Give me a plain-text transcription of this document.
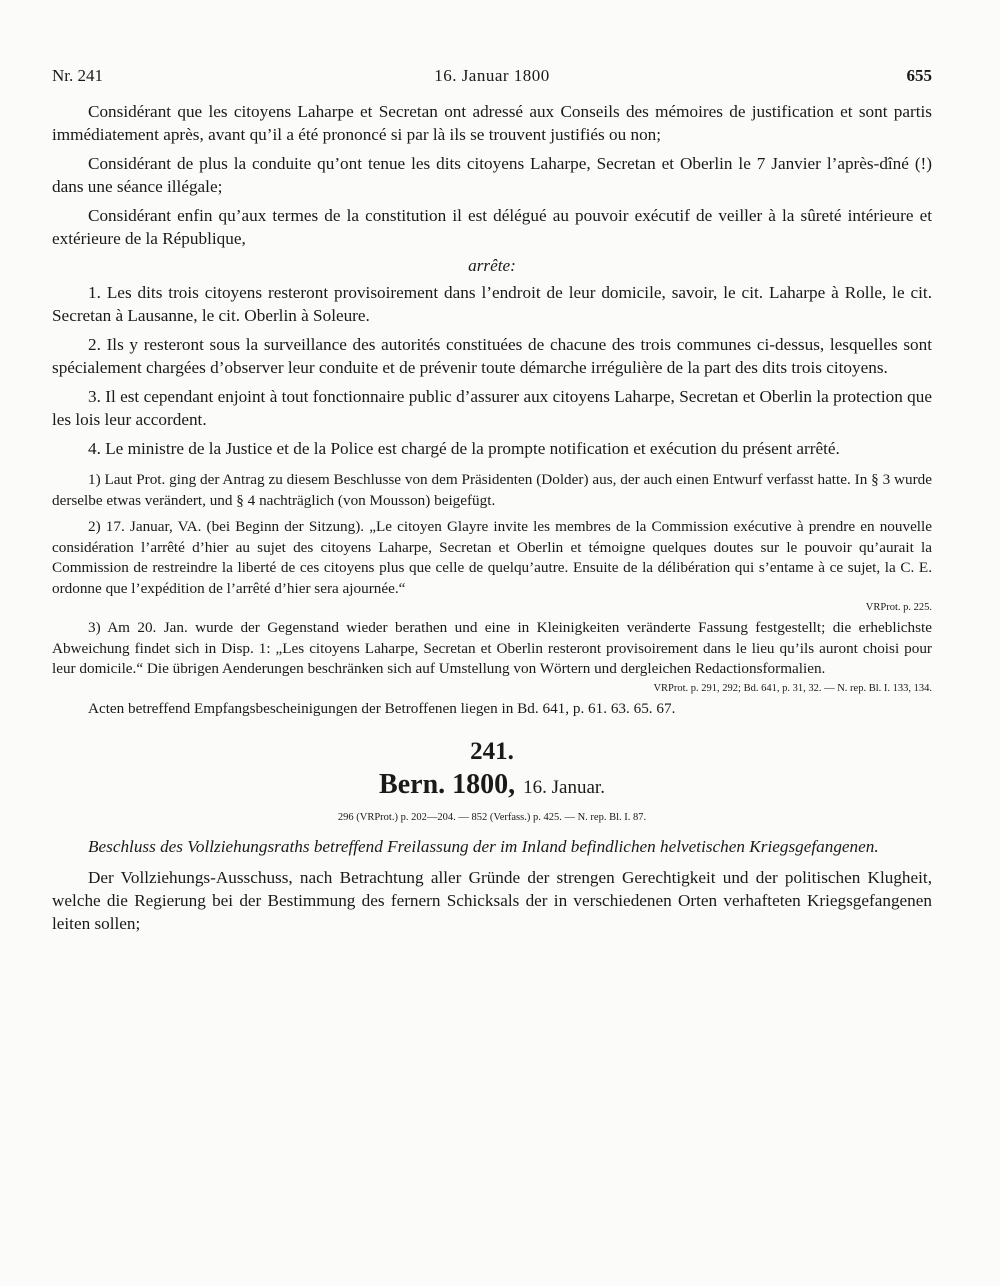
Nr. 241	16. Januar 1800	655

Considérant que les citoyens Laharpe et Secretan ont adressé aux Conseils des mémoires de justification et sont partis immédiatement après, avant qu’il a été prononcé si par là ils se trouvent justifiés ou non;

Considérant de plus la conduite qu’ont tenue les dits citoyens Laharpe, Secretan et Oberlin le 7 Janvier l’après-dîné (!) dans une séance illégale;

Considérant enfin qu’aux termes de la constitution il est délégué au pouvoir exécutif de veiller à la sûreté intérieure et extérieure de la République,

arrête:

1. Les dits trois citoyens resteront provisoirement dans l’endroit de leur domicile, savoir, le cit. Laharpe à Rolle, le cit. Secretan à Lausanne, le cit. Oberlin à Soleure.

2. Ils y resteront sous la surveillance des autorités constituées de chacune des trois communes ci-dessus, lesquelles sont spécialement chargées d’observer leur conduite et de prévenir toute démarche irrégulière de la part des dits trois citoyens.

3. Il est cependant enjoint à tout fonctionnaire public d’assurer aux citoyens Laharpe, Secretan et Oberlin la protection que les lois leur accordent.

4. Le ministre de la Justice et de la Police est chargé de la prompte notification et exécution du présent arrêté.

1) Laut Prot. ging der Antrag zu diesem Beschlusse von dem Präsidenten (Dolder) aus, der auch einen Entwurf verfasst hatte. In § 3 wurde derselbe etwas verändert, und § 4 nachträglich (von Mousson) beigefügt.

2) 17. Januar, VA. (bei Beginn der Sitzung). „Le citoyen Glayre invite les membres de la Commission exécutive à prendre en nouvelle considération l’arrêté d’hier au sujet des citoyens Laharpe, Secretan et Oberlin et témoigne quelques doutes sur le pouvoir qu’aurait la Commission de restreindre la liberté de ces citoyens plus que celle de quelqu’autre. Ensuite de la délibération qui s’entame à ce sujet, la C. E. ordonne que l’expédition de l’arrêté d’hier sera ajournée.“

VRProt. p. 225.

3) Am 20. Jan. wurde der Gegenstand wieder berathen und eine in Kleinigkeiten veränderte Fassung festgestellt; die erheblichste Abweichung findet sich in Disp. 1: „Les citoyens Laharpe, Secretan et Oberlin resteront provisoirement dans le lieu qu’ils auront choisi pour leur domicile.“ Die übrigen Aenderungen beschränken sich auf Umstellung von Wörtern und dergleichen Redactionsformalien.

VRProt. p. 291, 292; Bd. 641, p. 31, 32. — N. rep. Bl. I. 133, 134.

Acten betreffend Empfangsbescheinigungen der Betroffenen liegen in Bd. 641, p. 61. 63. 65. 67.

241.
Bern. 1800, 16. Januar.
296 (VRProt.) p. 202—204. — 852 (Verfass.) p. 425. — N. rep. Bl. I. 87.

Beschluss des Vollziehungsraths betreffend Freilassung der im Inland befindlichen helvetischen Kriegsgefangenen.

Der Vollziehungs-Ausschuss, nach Betrachtung aller Gründe der strengen Gerechtigkeit und der politischen Klugheit, welche die Regierung bei der Bestimmung des fernern Schicksals der in verschiedenen Orten verhafteten Kriegsgefangenen leiten sollen;
